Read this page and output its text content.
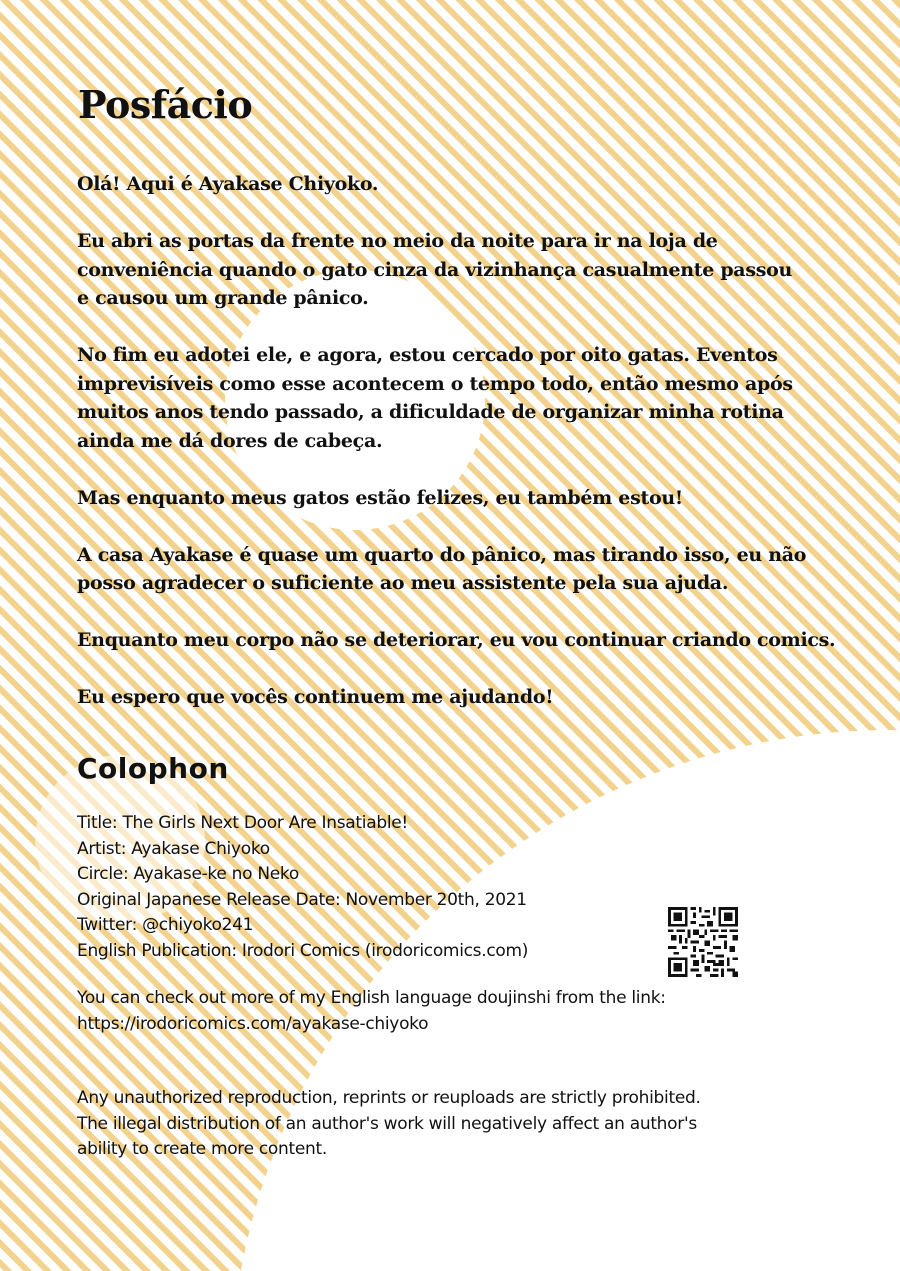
Posfácio

Olá! Aqui é Ayakase Chiyoko.

Eu abri as portas da frente no meio da noite para ir na loja de
conveniência quando o gato cinza da vizinhança casualmente passou
e causou um grande pânico.

No fim eu adotei ele, e agora, estou cercado por oito gatas. Eventos
imprevisíveis como esse acontecem o tempo todo, então mesmo após
muitos anos tendo passado, a dificuldade de organizar minha rotina
ainda me dá dores de cabeça.

Mas enquanto meus gatos estão felizes, eu também estou!

A casa Ayakase é quase um quarto do pânico, mas tirando isso, eu não
posso agradecer o suficiente ao meu assistente pela sua ajuda.

Enquanto meu corpo não se deteriorar, eu vou continuar criando comics.

Eu espero que vocês continuem me ajudando!

Colophon
Title: The Girls Next Door Are Insatiable!
Artist: Ayakase Chiyoko
Circle: Ayakase-ke no Neko
Original Japanese Release Date: November 20th, 2021
Twitter: @chiyoko241
English Publication: Irodori Comics (irodoricomics.com)
You can check out more of my English language doujinshi from the link:
https://irodoricomics.com/ayakase-chiyoko
Any unauthorized reproduction, reprints or reuploads are strictly prohibited.
The illegal distribution of an author's work will negatively affect an author's
ability to create more content.
